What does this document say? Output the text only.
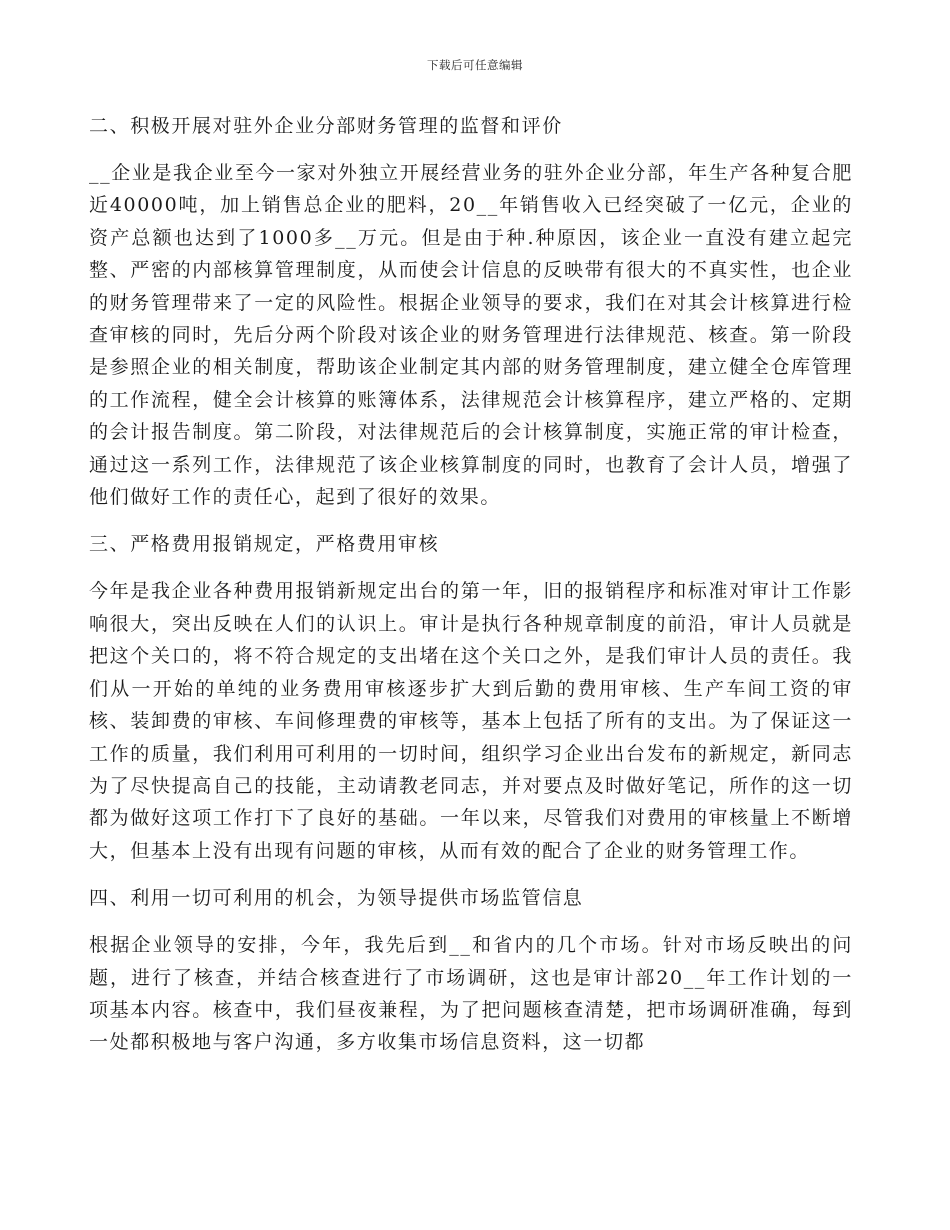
下载后可任意编辑
二、积极开展对驻外企业分部财务管理的监督和评价

__企业是我企业至今一家对外独立开展经营业务的驻外企业分部，年生产各种复合肥近40000吨，加上销售总企业的肥料，20__年销售收入已经突破了一亿元，企业的资产总额也达到了1000多__万元。但是由于种.种原因，该企业一直没有建立起完整、严密的内部核算管理制度，从而使会计信息的反映带有很大的不真实性，也企业的财务管理带来了一定的风险性。根据企业领导的要求，我们在对其会计核算进行检查审核的同时，先后分两个阶段对该企业的财务管理进行法律规范、核查。第一阶段是参照企业的相关制度，帮助该企业制定其内部的财务管理制度，建立健全仓库管理的工作流程，健全会计核算的账簿体系，法律规范会计核算程序，建立严格的、定期的会计报告制度。第二阶段，对法律规范后的会计核算制度，实施正常的审计检查，通过这一系列工作，法律规范了该企业核算制度的同时，也教育了会计人员，增强了他们做好工作的责任心，起到了很好的效果。

三、严格费用报销规定，严格费用审核

今年是我企业各种费用报销新规定出台的第一年，旧的报销程序和标准对审计工作影响很大，突出反映在人们的认识上。审计是执行各种规章制度的前沿，审计人员就是把这个关口的，将不符合规定的支出堵在这个关口之外，是我们审计人员的责任。我们从一开始的单纯的业务费用审核逐步扩大到后勤的费用审核、生产车间工资的审核、装卸费的审核、车间修理费的审核等，基本上包括了所有的支出。为了保证这一工作的质量，我们利用可利用的一切时间，组织学习企业出台发布的新规定，新同志为了尽快提高自己的技能，主动请教老同志，并对要点及时做好笔记，所作的这一切都为做好这项工作打下了良好的基础。一年以来，尽管我们对费用的审核量上不断增大，但基本上没有出现有问题的审核，从而有效的配合了企业的财务管理工作。

四、利用一切可利用的机会，为领导提供市场监管信息

根据企业领导的安排，今年，我先后到__和省内的几个市场。针对市场反映出的问题，进行了核查，并结合核查进行了市场调研，这也是审计部20__年工作计划的一项基本内容。核查中，我们昼夜兼程，为了把问题核查清楚，把市场调研准确，每到一处都积极地与客户沟通，多方收集市场信息资料，这一切都
